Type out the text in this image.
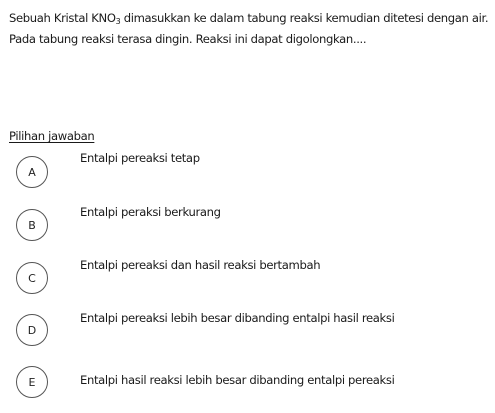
Sebuah Kristal $KNO_3$ dimasukkan ke dalam tabung reaksi kemudian ditetesi dengan air. Pada tabung reaksi terasa dingin. Reaksi ini dapat digolongkan....
Pilihan jawaban
A
Entalpi pereaksi tetap
B
Entalpi peraksi berkurang
C
Entalpi pereaksi dan hasil reaksi bertambah
D
Entalpi pereaksi lebih besar dibanding entalpi hasil reaksi
E	Entalpi hasil reaksi lebih besar dibanding entalpi pereaksi
